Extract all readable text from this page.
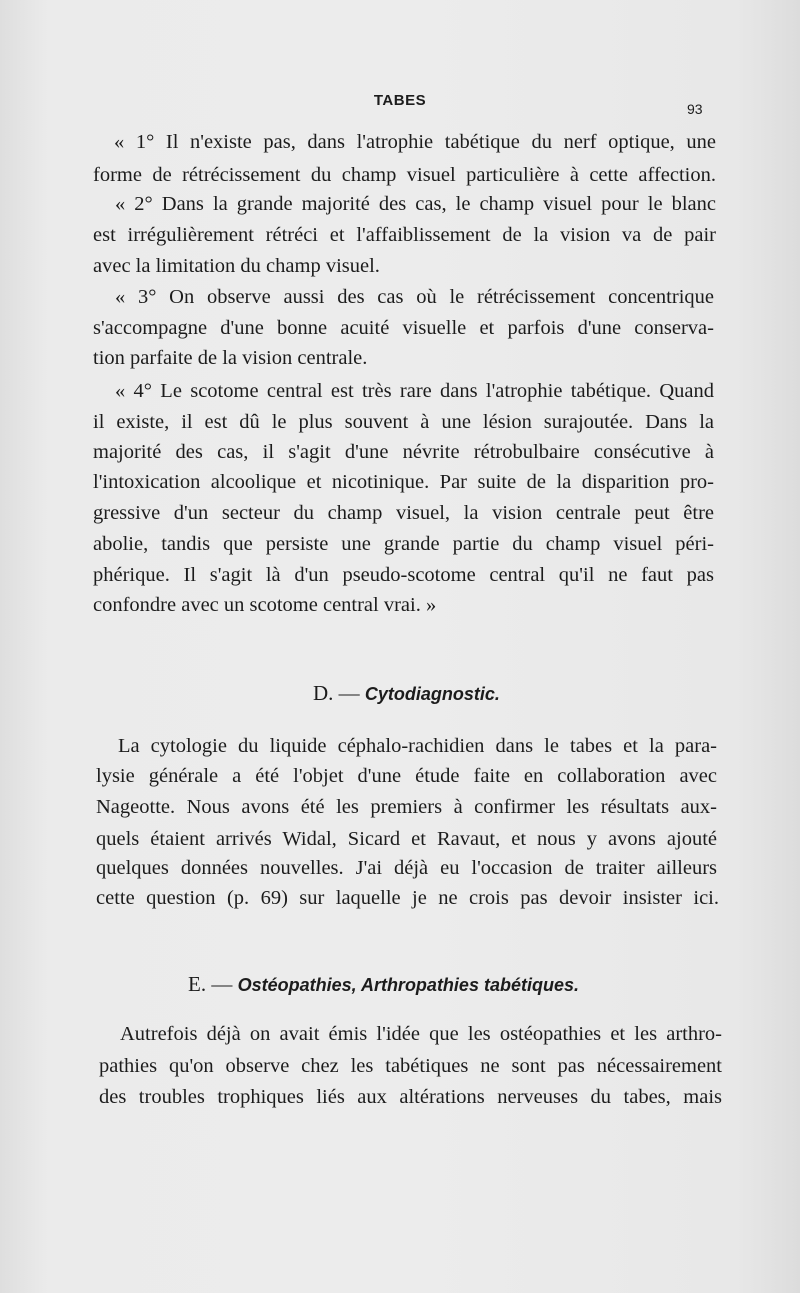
TABES	93
« 1° Il n'existe pas, dans l'atrophie tabétique du nerf optique, une
forme de rétrécissement du champ visuel particulière à cette affection.
« 2° Dans la grande majorité des cas, le champ visuel pour le blanc
est irrégulièrement rétréci et l'affaiblissement de la vision va de pair
avec la limitation du champ visuel.
« 3° On observe aussi des cas où le rétrécissement concentrique
s'accompagne d'une bonne acuité visuelle et parfois d'une conserva-
tion parfaite de la vision centrale.
« 4° Le scotome central est très rare dans l'atrophie tabétique. Quand
il existe, il est dû le plus souvent à une lésion surajoutée. Dans la
majorité des cas, il s'agit d'une névrite rétrobulbaire consécutive à
l'intoxication alcoolique et nicotinique. Par suite de la disparition pro-
gressive d'un secteur du champ visuel, la vision centrale peut être
abolie, tandis que persiste une grande partie du champ visuel péri-
phérique. Il s'agit là d'un pseudo-scotome central qu'il ne faut pas
confondre avec un scotome central vrai. »
D. — Cytodiagnostic.
La cytologie du liquide céphalo-rachidien dans le tabes et la para-
lysie générale a été l'objet d'une étude faite en collaboration avec
Nageotte. Nous avons été les premiers à confirmer les résultats aux-
quels étaient arrivés Widal, Sicard et Ravaut, et nous y avons ajouté
quelques données nouvelles. J'ai déjà eu l'occasion de traiter ailleurs
cette question (p. 69) sur laquelle je ne crois pas devoir insister ici.
E. — Ostéopathies, Arthropathies tabétiques.
Autrefois déjà on avait émis l'idée que les ostéopathies et les arthro-
pathies qu'on observe chez les tabétiques ne sont pas nécessairement
des troubles trophiques liés aux altérations nerveuses du tabes, mais
